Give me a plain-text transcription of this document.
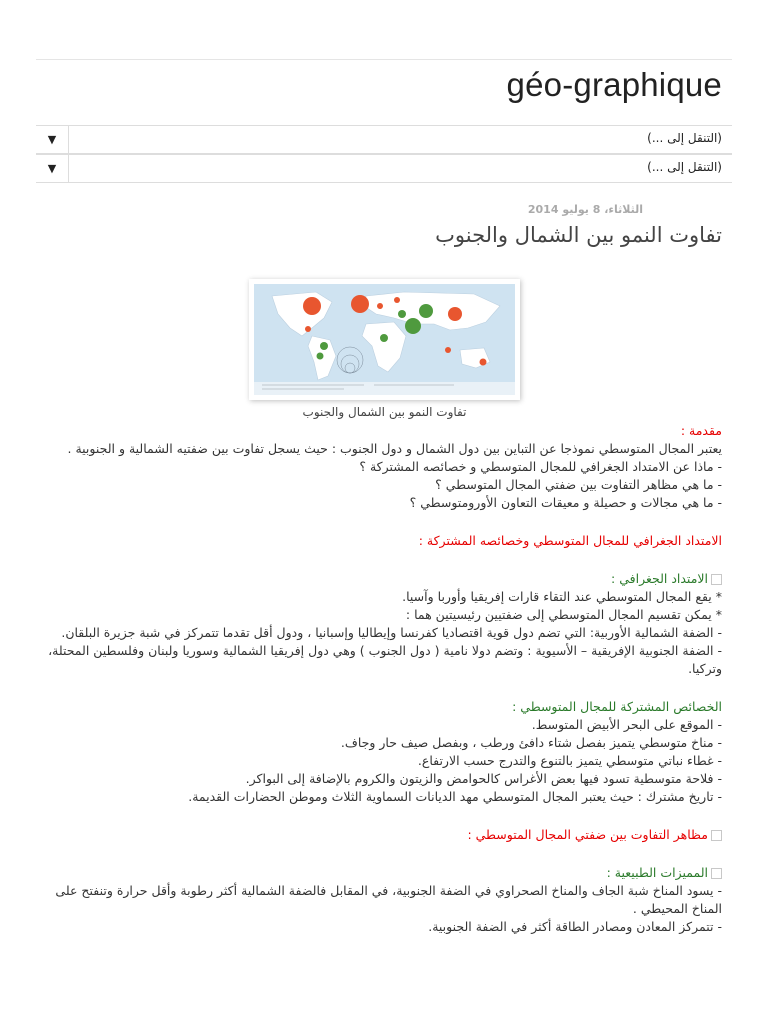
géo-graphique
▼	(التنقل إلى ...)
▼	(التنقل إلى ...)
الثلاثاء، 8 يوليو 2014
تفاوت النمو بين الشمال والجنوب
تفاوت النمو بين الشمال والجنوب

مقدمة :

يعتبر المجال المتوسطي نموذجا عن التباين بين دول الشمال و دول الجنوب : حيث يسجل تفاوت بين ضفتيه الشمالية و الجنوبية .

- ماذا عن الامتداد الجغرافي للمجال المتوسطي و خصائصه المشتركة ؟

- ما هي مظاهر التفاوت بين ضفتي المجال المتوسطي ؟

- ما هي مجالات و حصيلة و معيقات التعاون الأورومتوسطي ؟

الامتداد الجغرافي للمجال المتوسطي وخصائصه المشتركة :

الامتداد الجغرافي :

* يقع المجال المتوسطي عند التقاء قارات إفريقيا وأوربا وآسيا.

* يمكن تقسيم المجال المتوسطي إلى ضفتيين رئيسيتين هما :

- الضفة الشمالية الأوربية: التي تضم دول قوية اقتصاديا كفرنسا وإيطاليا وإسبانيا ، ودول أقل تقدما تتمركز في شبة جزيرة البلقان.

- الضفة الجنوبية الإفريقية – الأسيوية : وتضم دولا نامية ( دول الجنوب ) وهي دول إفريقيا الشمالية وسوريا ولبنان وفلسطين المحتلة، وتركيا.

الخصائص المشتركة للمجال المتوسطي :

- الموقع على البحر الأبيض المتوسط.

- مناخ متوسطي يتميز بفصل شتاء دافئ ورطب ، وبفصل صيف حار وجاف.

- غطاء نباتي متوسطي يتميز بالتنوع والتدرج حسب الارتفاع.

- فلاحة متوسطية تسود فيها بعض الأغراس كالحوامض والزيتون والكروم بالإضافة إلى البواكر.

- تاريخ مشترك : حيث يعتبر المجال المتوسطي مهد الديانات السماوية الثلاث وموطن الحضارات القديمة.

مظاهر التفاوت بين ضفتي المجال المتوسطي :

المميزات الطبيعية :

- يسود المناخ شبة الجاف والمناخ الصحراوي في الضفة الجنوبية، في المقابل فالضفة الشمالية أكثر رطوبة وأقل حرارة وتنفتح على المناخ المحيطي .

- تتمركز المعادن ومصادر الطاقة أكثر في الضفة الجنوبية.
